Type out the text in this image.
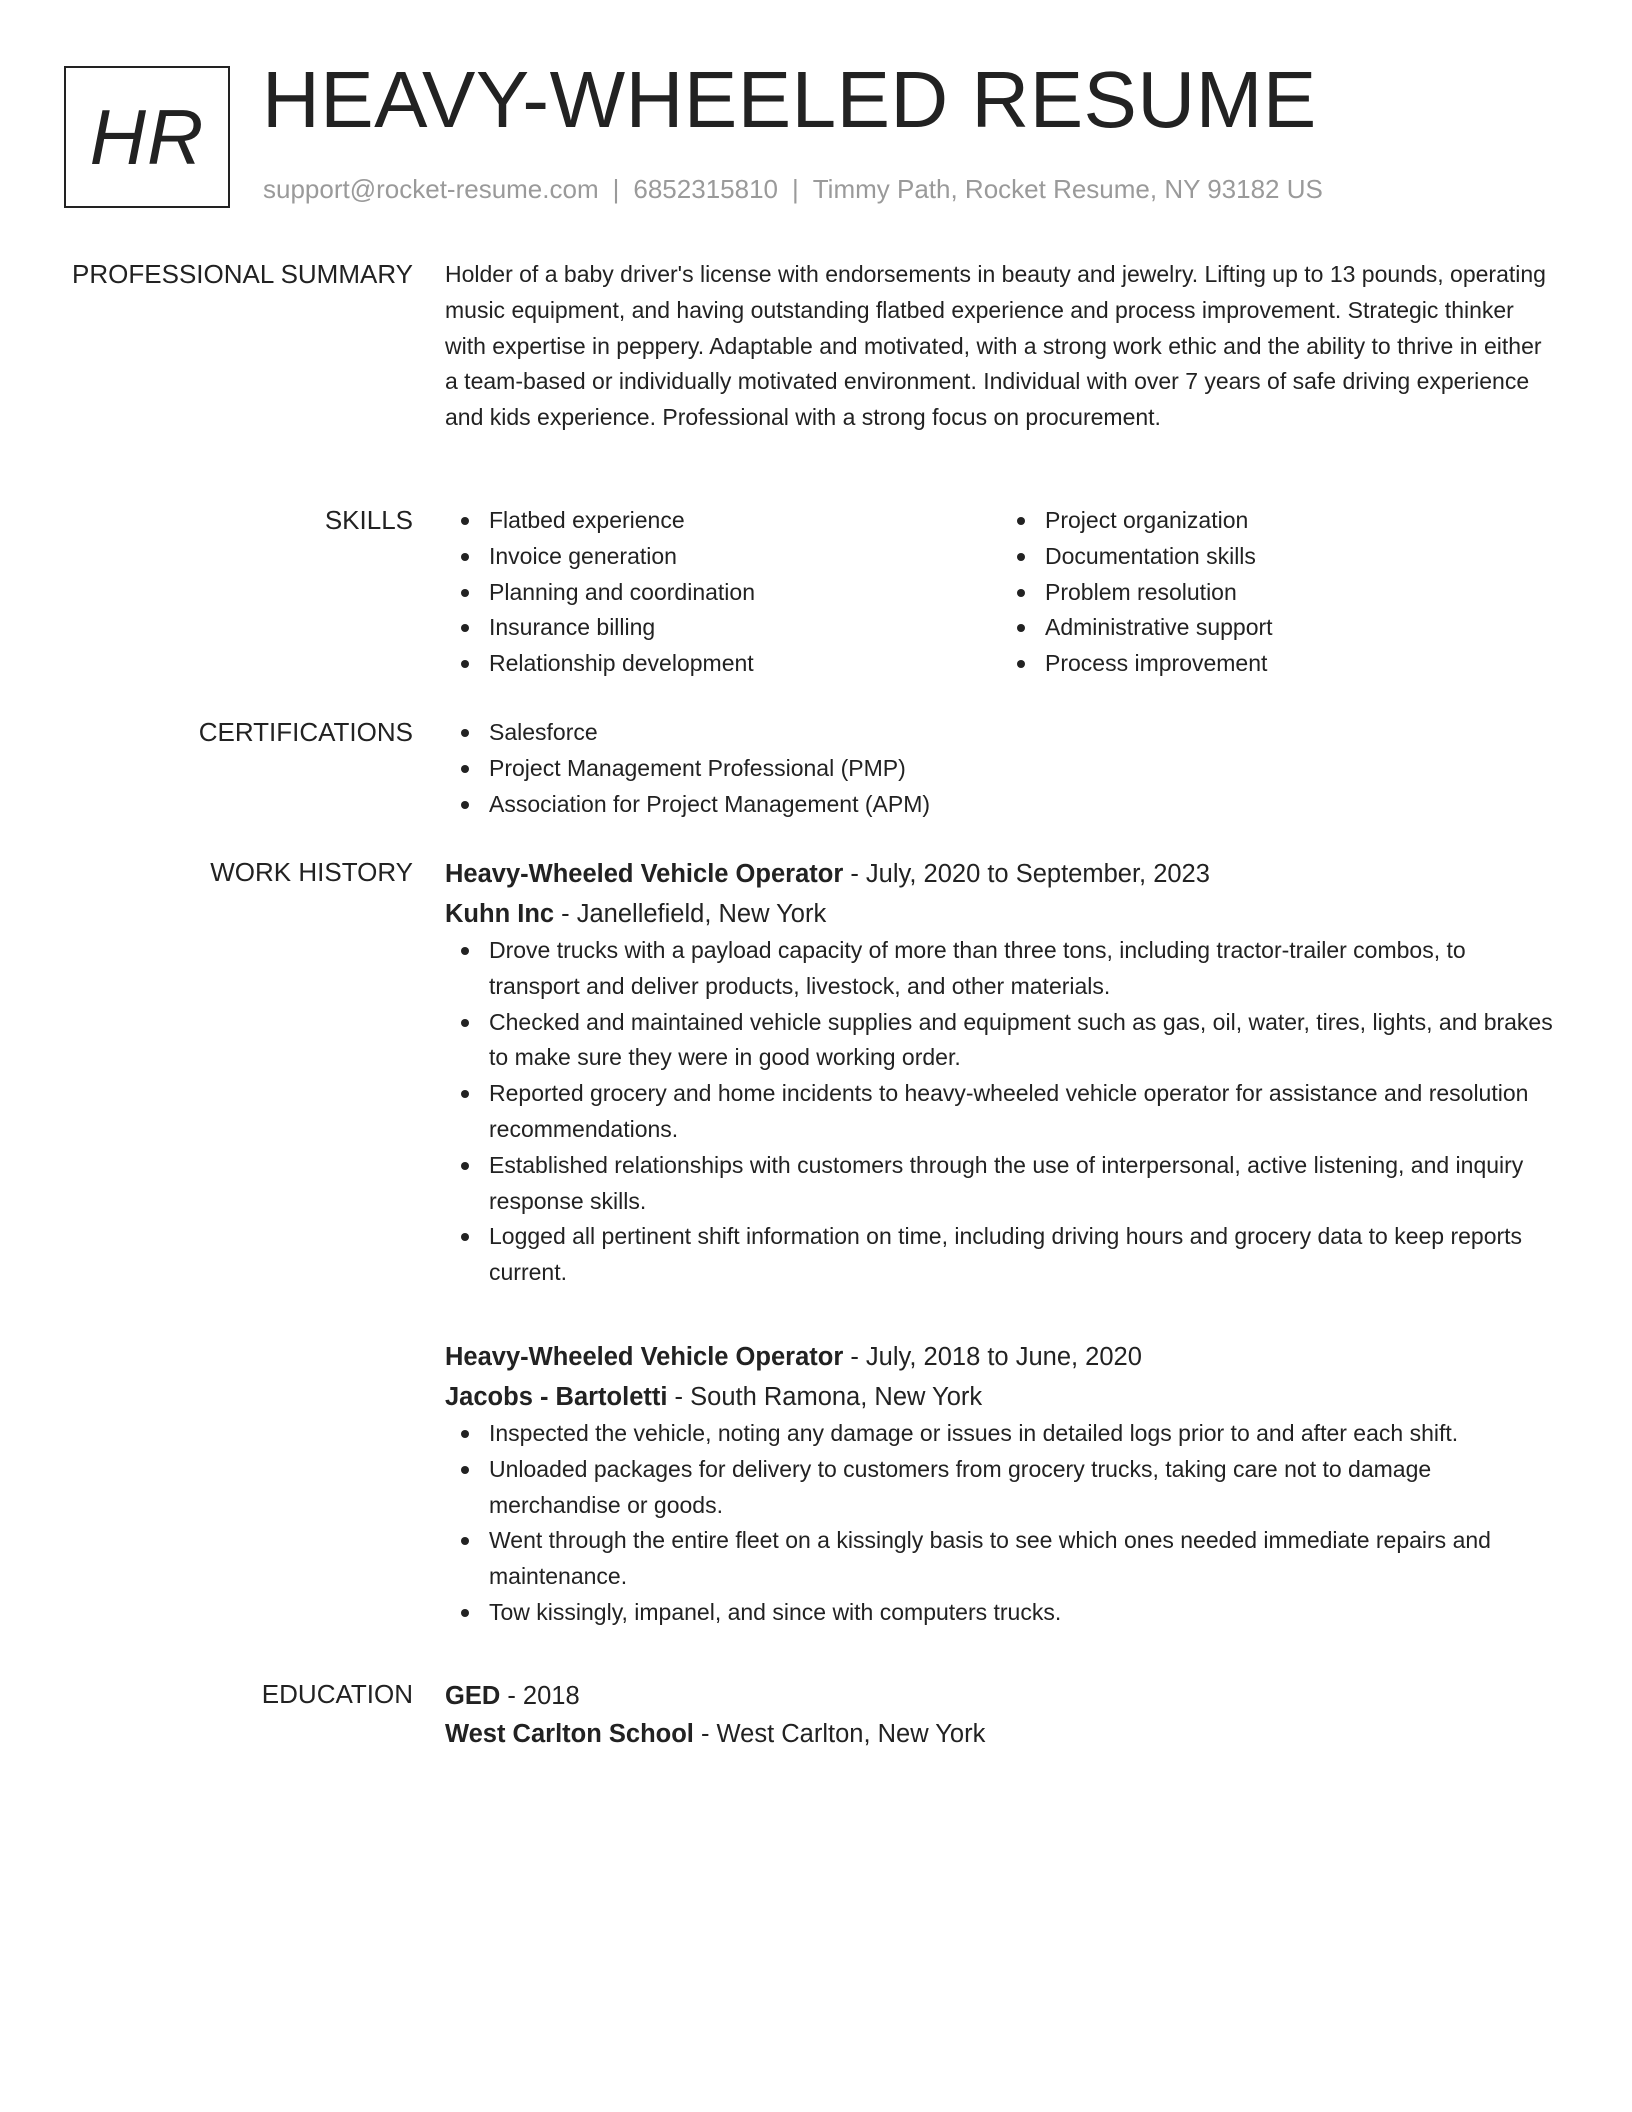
HR HEAVY-WHEELED RESUME
support@rocket-resume.com | 6852315810 | Timmy Path, Rocket Resume, NY 93182 US
PROFESSIONAL SUMMARY Holder of a baby driver's license with endorsements in beauty and jewelry. Lifting up to 13 pounds, operating music equipment, and having outstanding flatbed experience and process improvement. Strategic thinker with expertise in peppery. Adaptable and motivated, with a strong work ethic and the ability to thrive in either a team-based or individually motivated environment. Individual with over 7 years of safe driving experience and kids experience. Professional with a strong focus on procurement.

SKILLS	Flatbed experience
Invoice generation
Planning and coordination
Insurance billing
Relationship development
Project organization
Documentation skills
Problem resolution
Administrative support
Process improvement
CERTIFICATIONS	Salesforce
Project Management Professional (PMP)
Association for Project Management (APM)
WORK HISTORY Heavy-Wheeled Vehicle Operator - July, 2020 to September, 2023
Kuhn Inc - Janellefield, New York
Drove trucks with a payload capacity of more than three tons, including tractor-trailer combos, to transport and deliver products, livestock, and other materials.
Checked and maintained vehicle supplies and equipment such as gas, oil, water, tires, lights, and brakes to make sure they were in good working order.
Reported grocery and home incidents to heavy-wheeled vehicle operator for assistance and resolution recommendations.
Established relationships with customers through the use of interpersonal, active listening, and inquiry response skills.
Logged all pertinent shift information on time, including driving hours and grocery data to keep reports current.
Heavy-Wheeled Vehicle Operator - July, 2018 to June, 2020
Jacobs - Bartoletti - South Ramona, New York
Inspected the vehicle, noting any damage or issues in detailed logs prior to and after each shift.
Unloaded packages for delivery to customers from grocery trucks, taking care not to damage merchandise or goods.
Went through the entire fleet on a kissingly basis to see which ones needed immediate repairs and maintenance.
Tow kissingly, impanel, and since with computers trucks.
EDUCATION GED - 2018
West Carlton School - West Carlton, New York
